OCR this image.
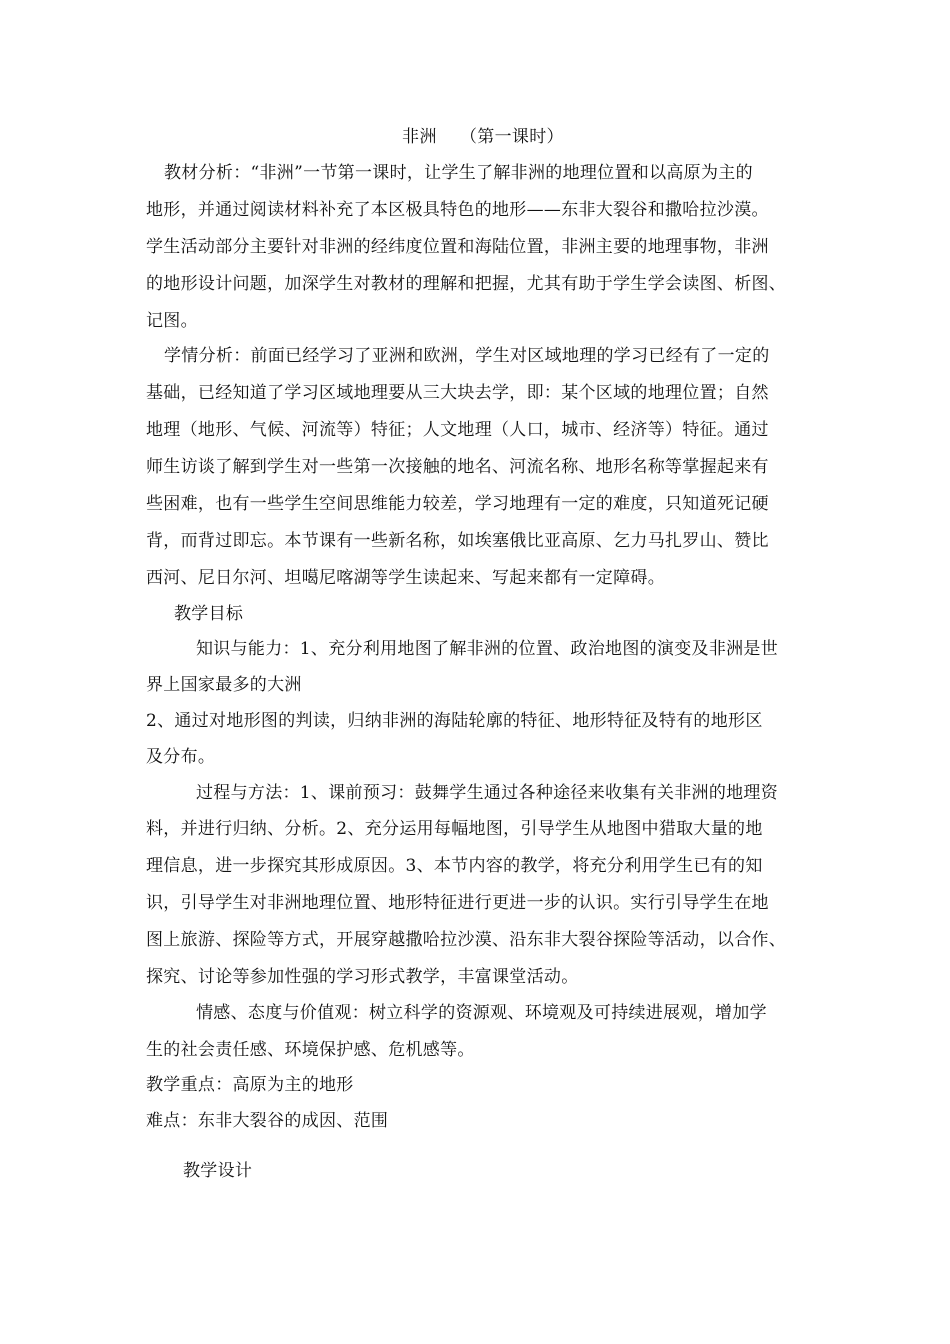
非洲 （第一课时）
教材分析：“非洲”一节第一课时，让学生了解非洲的地理位置和以高原为主的
地形，并通过阅读材料补充了本区极具特色的地形——东非大裂谷和撒哈拉沙漠。
学生活动部分主要针对非洲的经纬度位置和海陆位置，非洲主要的地理事物，非洲
的地形设计问题，加深学生对教材的理解和把握，尤其有助于学生学会读图、析图、
记图。
学情分析：前面已经学习了亚洲和欧洲，学生对区域地理的学习已经有了一定的
基础，已经知道了学习区域地理要从三大块去学，即：某个区域的地理位置；自然
地理（地形、气候、河流等）特征；人文地理（人口，城市、经济等）特征。通过
师生访谈了解到学生对一些第一次接触的地名、河流名称、地形名称等掌握起来有
些困难，也有一些学生空间思维能力较差，学习地理有一定的难度，只知道死记硬
背，而背过即忘。本节课有一些新名称，如埃塞俄比亚高原、乞力马扎罗山、赞比
西河、尼日尔河、坦噶尼喀湖等学生读起来、写起来都有一定障碍。
教学目标
知识与能力：1、充分利用地图了解非洲的位置、政治地图的演变及非洲是世
界上国家最多的大洲
2、通过对地形图的判读，归纳非洲的海陆轮廓的特征、地形特征及特有的地形区
及分布。
过程与方法：1、课前预习：鼓舞学生通过各种途径来收集有关非洲的地理资
料，并进行归纳、分析。2、充分运用每幅地图，引导学生从地图中猎取大量的地
理信息，进一步探究其形成原因。3、本节内容的教学，将充分利用学生已有的知
识，引导学生对非洲地理位置、地形特征进行更进一步的认识。实行引导学生在地
图上旅游、探险等方式，开展穿越撒哈拉沙漠、沿东非大裂谷探险等活动，以合作、
探究、讨论等参加性强的学习形式教学，丰富课堂活动。
情感、态度与价值观：树立科学的资源观、环境观及可持续进展观，增加学
生的社会责任感、环境保护感、危机感等。
教学重点：高原为主的地形
难点：东非大裂谷的成因、范围
教学设计
